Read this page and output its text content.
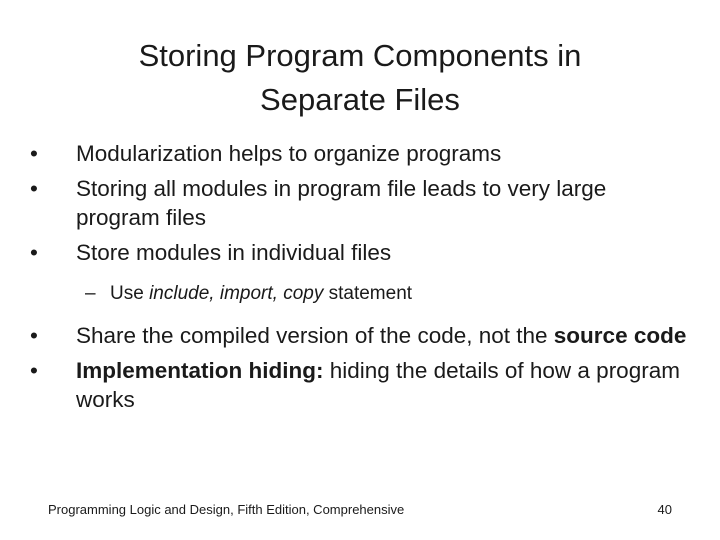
Storing Program Components in
Separate Files
•	Modularization helps to organize programs
•	Storing all modules in program file leads to very large program files
•	Store modules in individual files
– Use include, import, copy statement
•	Share the compiled version of the code, not the source code
•	Implementation hiding: hiding the details of how a program works
Programming Logic and Design, Fifth Edition, Comprehensive	40
